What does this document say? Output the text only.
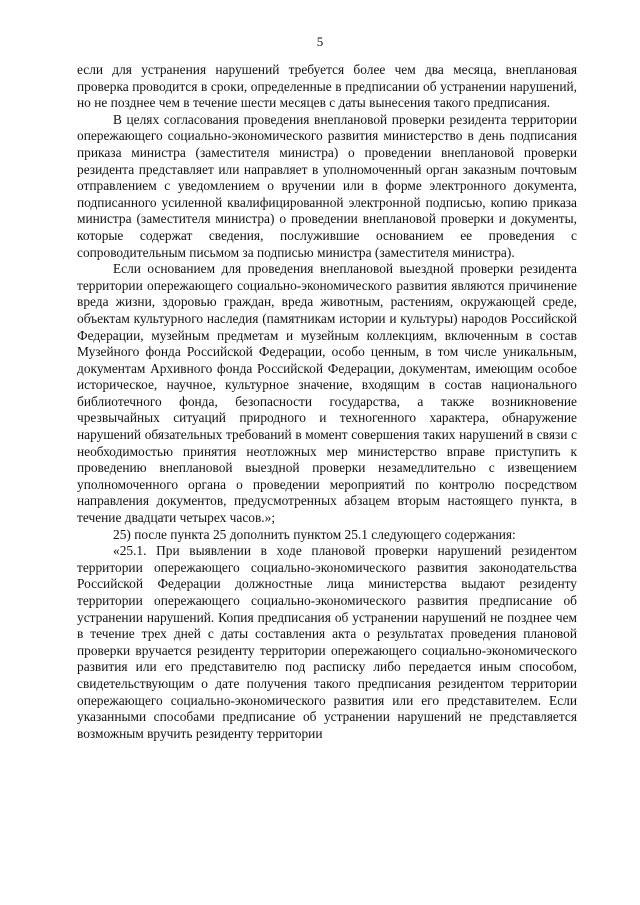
5

если для устранения нарушений требуется более чем два месяца, внеплановая проверка проводится в сроки, определенные в предписании об устранении нарушений, но не позднее чем в течение шести месяцев с даты вынесения такого предписания.

В целях согласования проведения внеплановой проверки резидента территории опережающего социально-экономического развития министерство в день подписания приказа министра (заместителя министра) о проведении внеплановой проверки резидента представляет или направляет в уполномоченный орган заказным почтовым отправлением с уведомлением о вручении или в форме электронного документа, подписанного усиленной квалифицированной электронной подписью, копию приказа министра (заместителя министра) о проведении внеплановой проверки и документы, которые содержат сведения, послужившие основанием ее проведения с сопроводительным письмом за подписью министра (заместителя министра).

Если основанием для проведения внеплановой выездной проверки резидента территории опережающего социально-экономического развития являются причинение вреда жизни, здоровью граждан, вреда животным, растениям, окружающей среде, объектам культурного наследия (памятникам истории и культуры) народов Российской Федерации, музейным предметам и музейным коллекциям, включенным в состав Музейного фонда Российской Федерации, особо ценным, в том числе уникальным, документам Архивного фонда Российской Федерации, документам, имеющим особое историческое, научное, культурное значение, входящим в состав национального библиотечного фонда, безопасности государства, а также возникновение чрезвычайных ситуаций природного и техногенного характера, обнаружение нарушений обязательных требований в момент совершения таких нарушений в связи с необходимостью принятия неотложных мер министерство вправе приступить к проведению внеплановой выездной проверки незамедлительно с извещением уполномоченного органа о проведении мероприятий по контролю посредством направления документов, предусмотренных абзацем вторым настоящего пункта, в течение двадцати четырех часов.»;

25) после пункта 25 дополнить пунктом 25.1 следующего содержания:

«25.1. При выявлении в ходе плановой проверки нарушений резидентом территории опережающего социально-экономического развития законодательства Российской Федерации должностные лица министерства выдают резиденту территории опережающего социально-экономического развития предписание об устранении нарушений. Копия предписания об устранении нарушений не позднее чем в течение трех дней с даты составления акта о результатах проведения плановой проверки вручается резиденту территории опережающего социально-экономического развития или его представителю под расписку либо передается иным способом, свидетельствующим о дате получения такого предписания резидентом территории опережающего социально-экономического развития или его представителем. Если указанными способами предписание об устранении нарушений не представляется возможным вручить резиденту территории
